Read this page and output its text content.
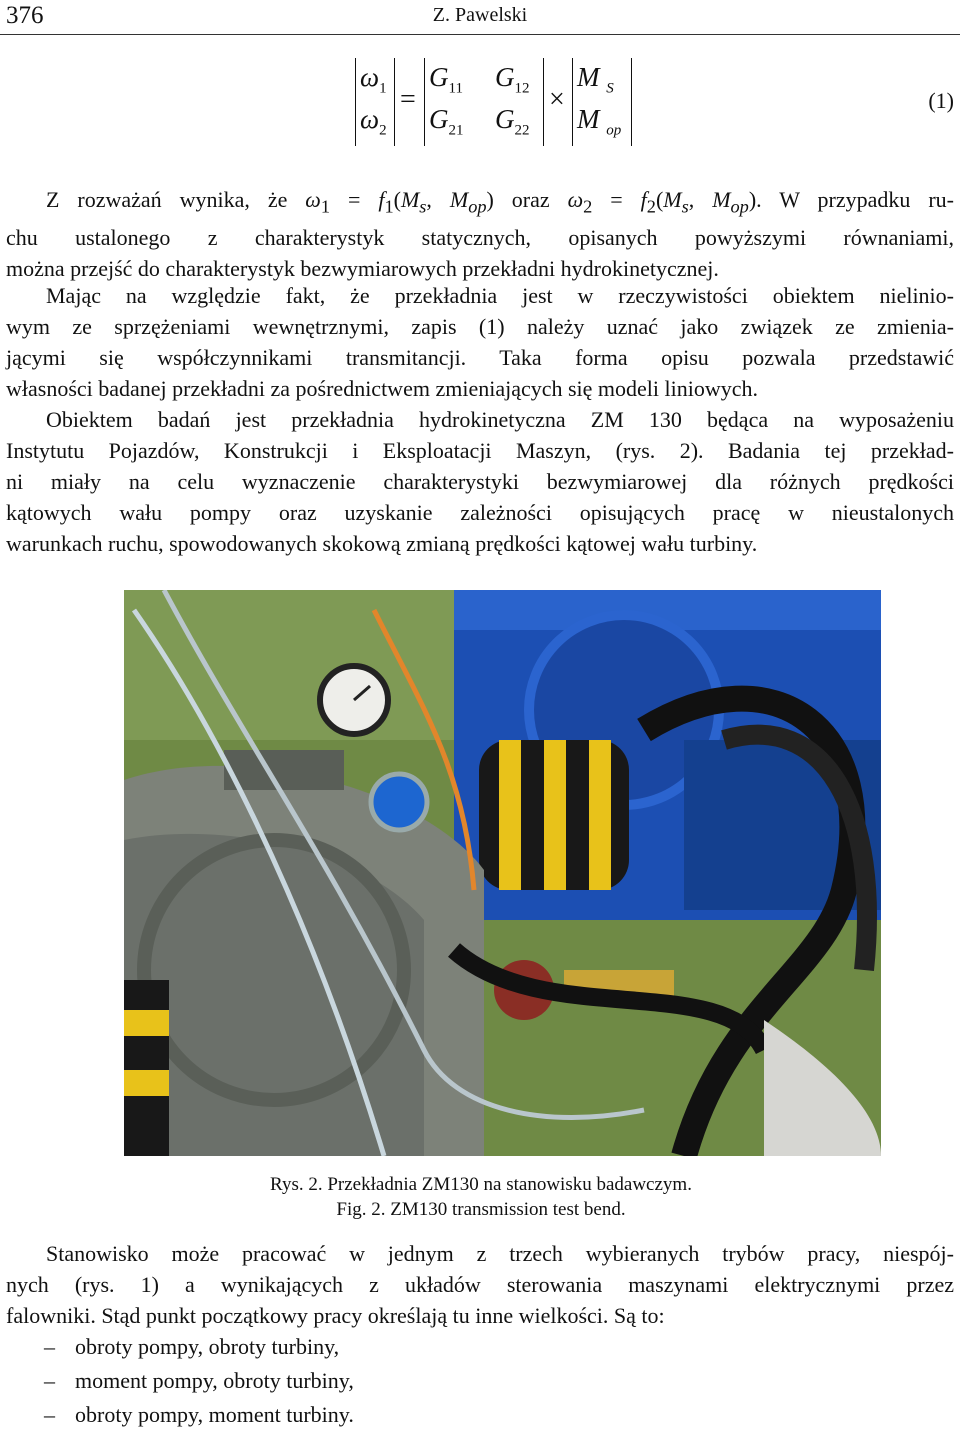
376	Z. Pawelski
$\omega_1$
$\omega_2$
=
$G_{11}$ $G_{12}$
$G_{21}$ $G_{22}$
×
M $_S$
M $_{op}$
(1)
Z rozważań wynika, że $\omega_1 = f_1(M_s$, $M_{op}$) oraz $\omega_2 = f_2(M_s$, $M_{op}$). W przypadku ru-
chu ustalonego z charakterystyk statycznych, opisanych powyższymi równaniami,
można przejść do charakterystyk bezwymiarowych przekładni hydrokinetycznej.
Mając na względzie fakt, że przekładnia jest w rzeczywistości obiektem nielinio-
wym ze sprzężeniami wewnętrznymi, zapis (1) należy uznać jako związek ze zmienia-
jącymi się współczynnikami transmitancji. Taka forma opisu pozwala przedstawić
własności badanej przekładni za pośrednictwem zmieniających się modeli liniowych.
Obiektem badań jest przekładnia hydrokinetyczna ZM 130 będąca na wyposażeniu
Instytutu Pojazdów, Konstrukcji i Eksploatacji Maszyn, (rys. 2). Badania tej przekład-
ni miały na celu wyznaczenie charakterystyki bezwymiarowej dla różnych prędkości
kątowych wału pompy oraz uzyskanie zależności opisujących pracę w nieustalonych
warunkach ruchu, spowodowanych skokową zmianą prędkości kątowej wału turbiny.
Rys. 2. Przekładnia ZM130 na stanowisku badawczym.
Fig. 2. ZM130 transmission test bend.
Stanowisko może pracować w jednym z trzech wybieranych trybów pracy, niespój-
nych (rys. 1) a wynikających z układów sterowania maszynami elektrycznymi przez
falowniki. Stąd punkt początkowy pracy określają tu inne wielkości. Są to:
– obroty pompy, obroty turbiny,
– moment pompy, obroty turbiny,
– obroty pompy, moment turbiny.
